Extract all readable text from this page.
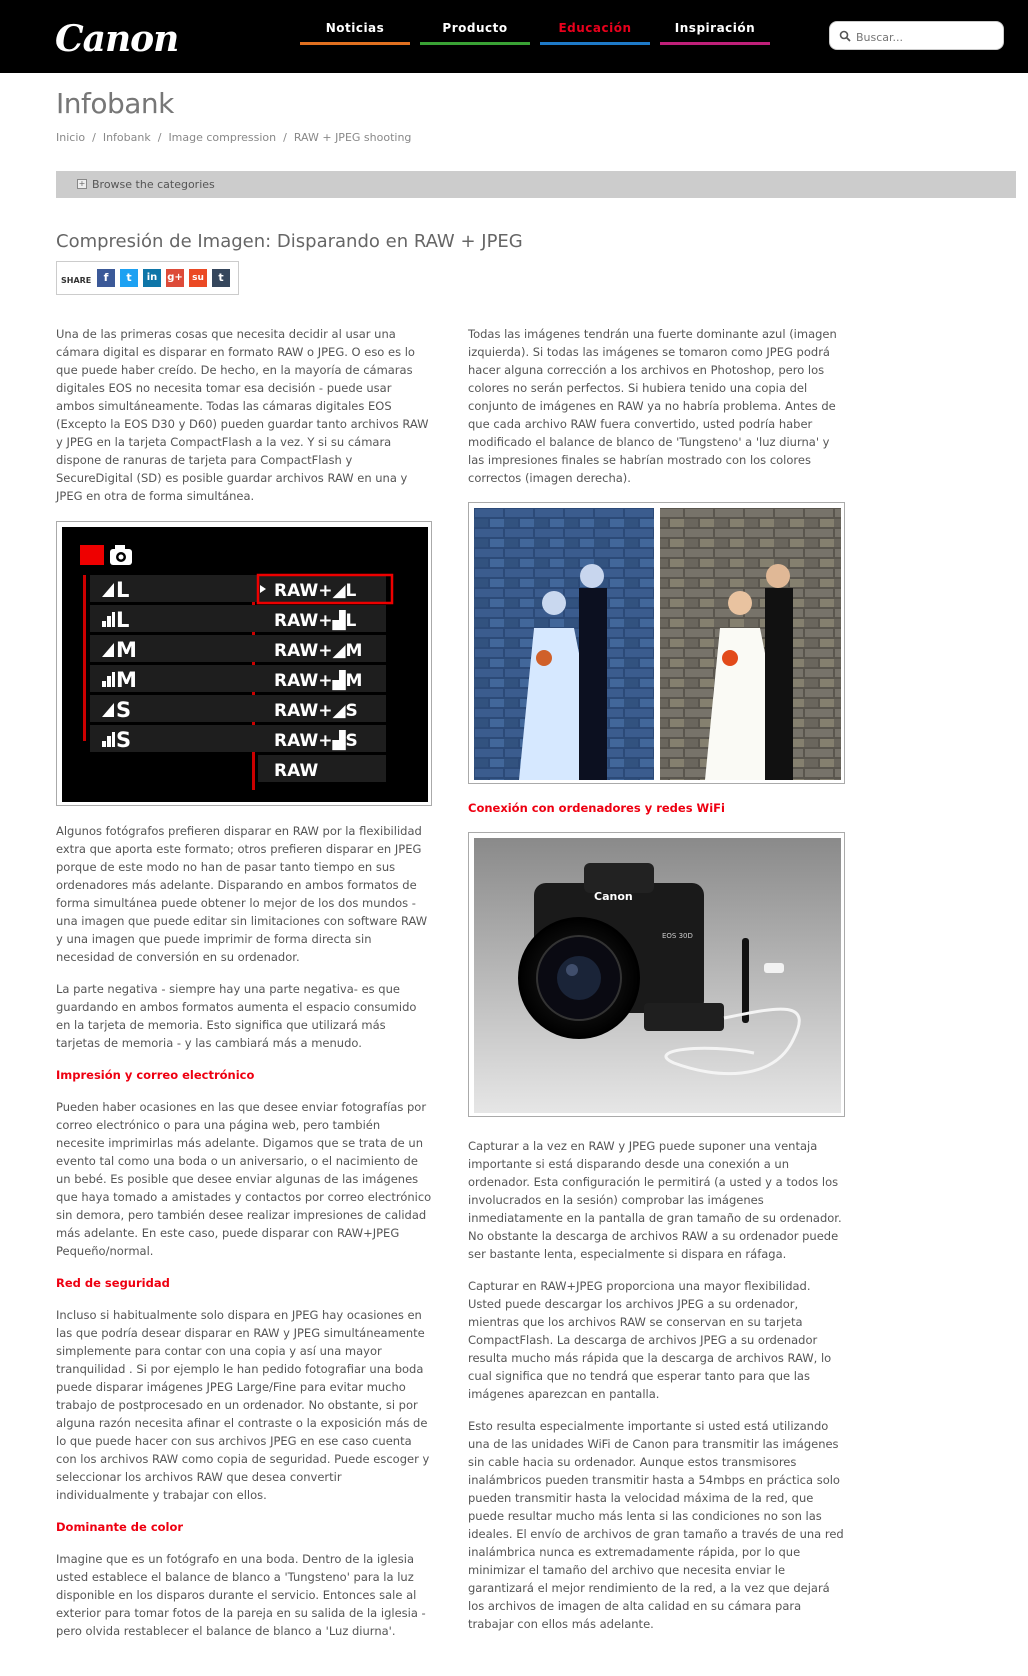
Canon	Noticias	Producto	Educación	Inspiración
Buscar...
Infobank
Inicio / Infobank / Image compression / RAW + JPEG shooting
+ Browse the categories
Compresión de Imagen: Disparando en RAW + JPEG
SHARE	f	t	in g+	su	t

Una de las primeras cosas que necesita decidir al usar una cámara digital es disparar en formato RAW o JPEG. O eso es lo que puede haber creído. De hecho, en la mayoría de cámaras digitales EOS no necesita tomar esa decisión - puede usar ambos simultáneamente. Todas las cámaras digitales EOS (Excepto la EOS D30 y D60) pueden guardar tanto archivos RAW y JPEG en la tarjeta CompactFlash a la vez. Y si su cámara dispone de ranuras de tarjeta para CompactFlash y SecureDigital (SD) es posible guardar archivos RAW en una y JPEG en otra de forma simultánea.

L
L
M
M
S
S
RAW+◢L
RAW+▟L
RAW+◢M
RAW+▟M
RAW+◢S
RAW+▟S
RAW

Algunos fotógrafos prefieren disparar en RAW por la flexibilidad extra que aporta este formato; otros prefieren disparar en JPEG porque de este modo no han de pasar tanto tiempo en sus ordenadores más adelante. Disparando en ambos formatos de forma simultánea puede obtener lo mejor de los dos mundos - una imagen que puede editar sin limitaciones con software RAW y una imagen que puede imprimir de forma directa sin necesidad de conversión en su ordenador.

La parte negativa - siempre hay una parte negativa- es que guardando en ambos formatos aumenta el espacio consumido en la tarjeta de memoria. Esto significa que utilizará más tarjetas de memoria - y las cambiará más a menudo.

Impresión y correo electrónico

Pueden haber ocasiones en las que desee enviar fotografías por correo electrónico o para una página web, pero también necesite imprimirlas más adelante. Digamos que se trata de un evento tal como una boda o un aniversario, o el nacimiento de un bebé. Es posible que desee enviar algunas de las imágenes que haya tomado a amistades y contactos por correo electrónico sin demora, pero también desee realizar impresiones de calidad más adelante. En este caso, puede disparar con RAW+JPEG Pequeño/normal.

Red de seguridad

Incluso si habitualmente solo dispara en JPEG hay ocasiones en las que podría desear disparar en RAW y JPEG simultáneamente simplemente para contar con una copia y así una mayor tranquilidad . Si por ejemplo le han pedido fotografiar una boda puede disparar imágenes JPEG Large/Fine para evitar mucho trabajo de postprocesado en un ordenador. No obstante, si por alguna razón necesita afinar el contraste o la exposición más de lo que puede hacer con sus archivos JPEG en ese caso cuenta con los archivos RAW como copia de seguridad. Puede escoger y seleccionar los archivos RAW que desea convertir individualmente y trabajar con ellos.

Dominante de color

Imagine que es un fotógrafo en una boda. Dentro de la iglesia usted establece el balance de blanco a 'Tungsteno' para la luz disponible en los disparos durante el servicio. Entonces sale al exterior para tomar fotos de la pareja en su salida de la iglesia - pero olvida restablecer el balance de blanco a 'Luz diurna'.

Todas las imágenes tendrán una fuerte dominante azul (imagen izquierda). Si todas las imágenes se tomaron como JPEG podrá hacer alguna corrección a los archivos en Photoshop, pero los colores no serán perfectos. Si hubiera tenido una copia del conjunto de imágenes en RAW ya no habría problema. Antes de que cada archivo RAW fuera convertido, usted podría haber modificado el balance de blanco de 'Tungsteno' a 'luz diurna' y las impresiones finales se habrían mostrado con los colores correctos (imagen derecha).

Conexión con ordenadores y redes WiFi

Canon
EOS 30D

Capturar a la vez en RAW y JPEG puede suponer una ventaja importante si está disparando desde una conexión a un ordenador. Esta configuración le permitirá (a usted y a todos los involucrados en la sesión) comprobar las imágenes inmediatamente en la pantalla de gran tamaño de su ordenador. No obstante la descarga de archivos RAW a su ordenador puede ser bastante lenta, especialmente si dispara en ráfaga.

Capturar en RAW+JPEG proporciona una mayor flexibilidad. Usted puede descargar los archivos JPEG a su ordenador, mientras que los archivos RAW se conservan en su tarjeta CompactFlash. La descarga de archivos JPEG a su ordenador resulta mucho más rápida que la descarga de archivos RAW, lo cual significa que no tendrá que esperar tanto para que las imágenes aparezcan en pantalla.

Esto resulta especialmente importante si usted está utilizando una de las unidades WiFi de Canon para transmitir las imágenes sin cable hacia su ordenador. Aunque estos transmisores inalámbricos pueden transmitir hasta a 54mbps en práctica solo pueden transmitir hasta la velocidad máxima de la red, que puede resultar mucho más lenta si las condiciones no son las ideales. El envío de archivos de gran tamaño a través de una red inalámbrica nunca es extremadamente rápida, por lo que minimizar el tamaño del archivo que necesita enviar le garantizará el mejor rendimiento de la red, a la vez que dejará los archivos de imagen de alta calidad en su cámara para trabajar con ellos más adelante.
